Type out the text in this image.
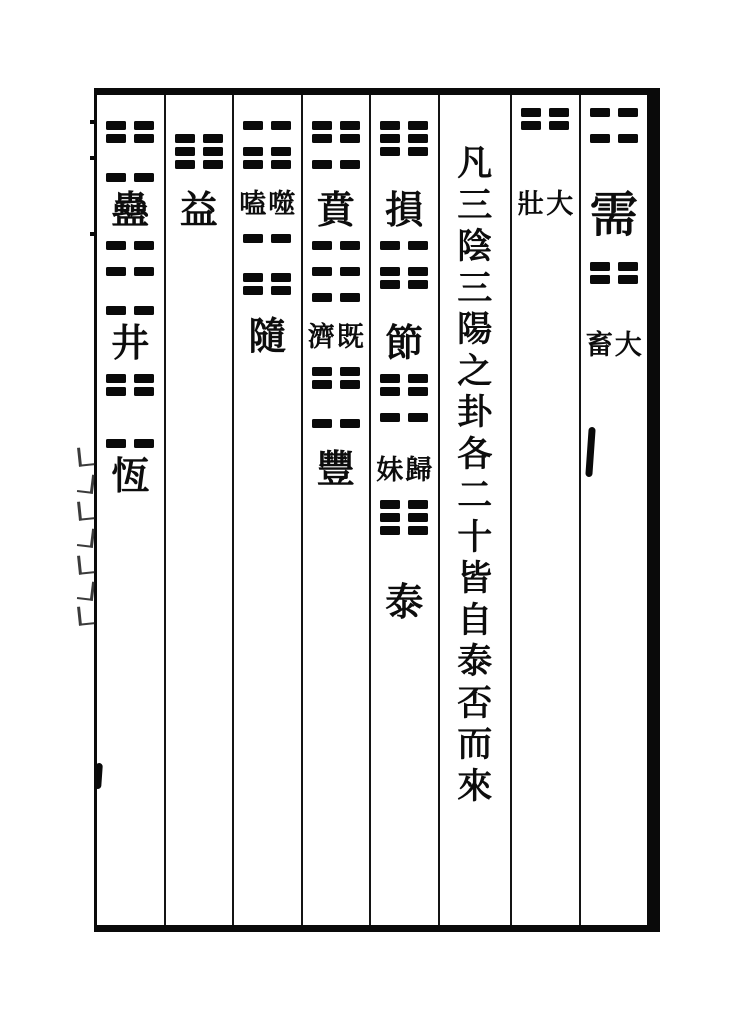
需
大
畜
大
壯
凡
三
陰
三
陽
之
卦
各
二
十
皆
自
泰
否
而
來
損
節
歸
妹
泰
賁
既
濟
豐
噬
嗑
隨
益
蠱
井
恆
